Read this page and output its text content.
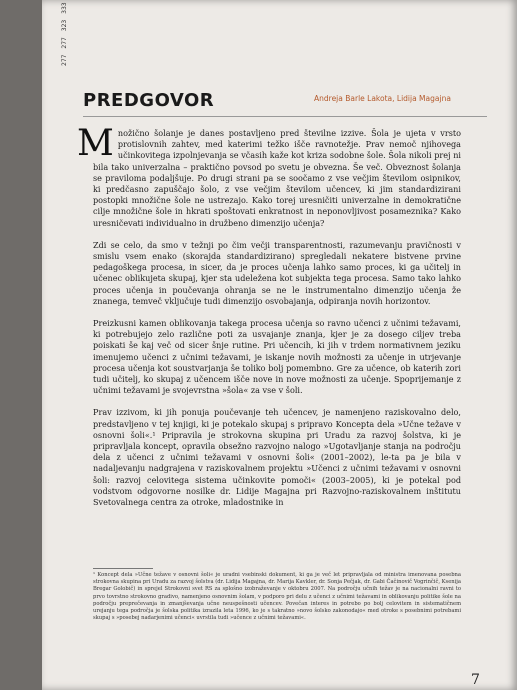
277 277 323 333
PREDGOVOR	Andreja Barle Lakota, Lidija Magajna

Množično šolanje je danes postavljeno pred številne izzive. Šola je ujeta v vrsto protislovnih zahtev, med katerimi težko išče ravnotežje. Prav nemoč njihovega učinkovitega izpolnjevanja se včasih kaže kot kriza sodobne šole. Šola nikoli prej ni bila tako univerzalna – praktično povsod po svetu je obvezna. Še več. Obveznost šolanja se pravilоma podaljšuje. Po drugi strani pa se soočamo z vse večjim številom osipnikov, ki predčasno zapuščajo šolo, z vse večjim številom učencev, ki jim standardizirani postopki množične šole ne ustrezajo. Kako torej uresničiti univerzalne in demokratične cilje množične šole in hkrati spoštovati enkratnost in neponovljivost posameznika? Kako uresničevati individualno in družbeno dimenzijo učenja?

Zdi se celo, da smo v težnji po čim večji transparentnosti, razumevanju pravičnosti v smislu vsem enako (skorajda standardizirano) spregledali nekatere bistvene prvine pedagoškega procesa, in sicer, da je proces učenja lahko samo proces, ki ga učitelj in učenec oblikujeta skupaj, kjer sta udeležena kot subjekta tega procesa. Samo tako lahko proces učenja in poučevanja ohranja se ne le instrumentalno dimenzijo učenja že znanega, temveč vključuje tudi dimenzijo osvobajanja, odpiranja novih horizontov.

Preizkusni kamen oblikovanja takega procesa učenja so ravno učenci z učnimi težavami, ki potrebujejo zelo različne poti za usvajanje znanja, kjer je za dosego ciljev treba poiskati še kaj več od sicer šnje rutine. Pri učencih, ki jih v trdem normativnem jeziku imenujemo učenci z učnimi težavami, je iskanje novih možnosti za učenje in utrjevanje procesa učenja kot soustvarjanja še toliko bolj pomembno. Gre za učence, ob katerih zori tudi učitelj, ko skupaj z učencem išče nove in nove možnosti za učenje. Spoprijemanje z učnimi težavami je svojevrstna »šola« za vse v šoli.

Prav izzivom, ki jih ponuja poučevanje teh učencev, je namenjeno raziskovalno delo, predstavljeno v tej knjigi, ki je potekalo skupaj s pripravo Koncepta dela »Učne težave v osnovni šoli«.¹ Pripravila je strokovna skupina pri Uradu za razvoj šolstva, ki je pripravljala koncept, opravila obsežno razvojno nalogo »Ugotavljanje stanja na področju dela z učenci z učnimi težavami v osnovni šoli« (2001–2002), le-ta pa je bila v nadaljevanju nadgrajena v raziskovalnem projektu »Učenci z učnimi težavami v osnovni šoli: razvoj celovitega sistema učinkovite pomoči« (2003–2005), ki je potekal pod vodstvom odgovorne nosilke dr. Lidije Magajna pri Razvojno-raziskovalnem inštitutu Svetovalnega centra za otroke, mladostnike in

¹ Koncept dela »Učne težave v osnovni šoli« je uradni vsebinski dokument, ki ga je več let pripravljala od ministra imenovana posebna strokovna skupina pri Uradu za razvoj šolstva (dr. Lidija Magajna, dr. Marija Kavkler, dr. Sonja Pečjak, dr. Gabi Čačinovič Vogrinčič, Ksenija Bregar Golobič) in sprejel Strokovni svet RS za splošno izobraževanje v oktobru 2007. Na področju učnih težav je na nacionalni ravni to prvo tovrstno strokovno gradivo, namenjeno osnovnim šolam, v podporo pri delu z učenci z učnimi težavami in oblikovanju politike šole na področju preprečevanja in zmanjševanja učne neuspešnosti učencev. Povečan interes in potrebo po bolj celovitem in sistematičnem urejanju tega področja je šolska politika izrazila leta 1996, ko je s takratno »novo šolsko zakonodajo« med otroke s posebnimi potrebami skupaj s »posebej nadarjenimi učenci« uvrstila tudi »učence z učnimi težavami«.
7
